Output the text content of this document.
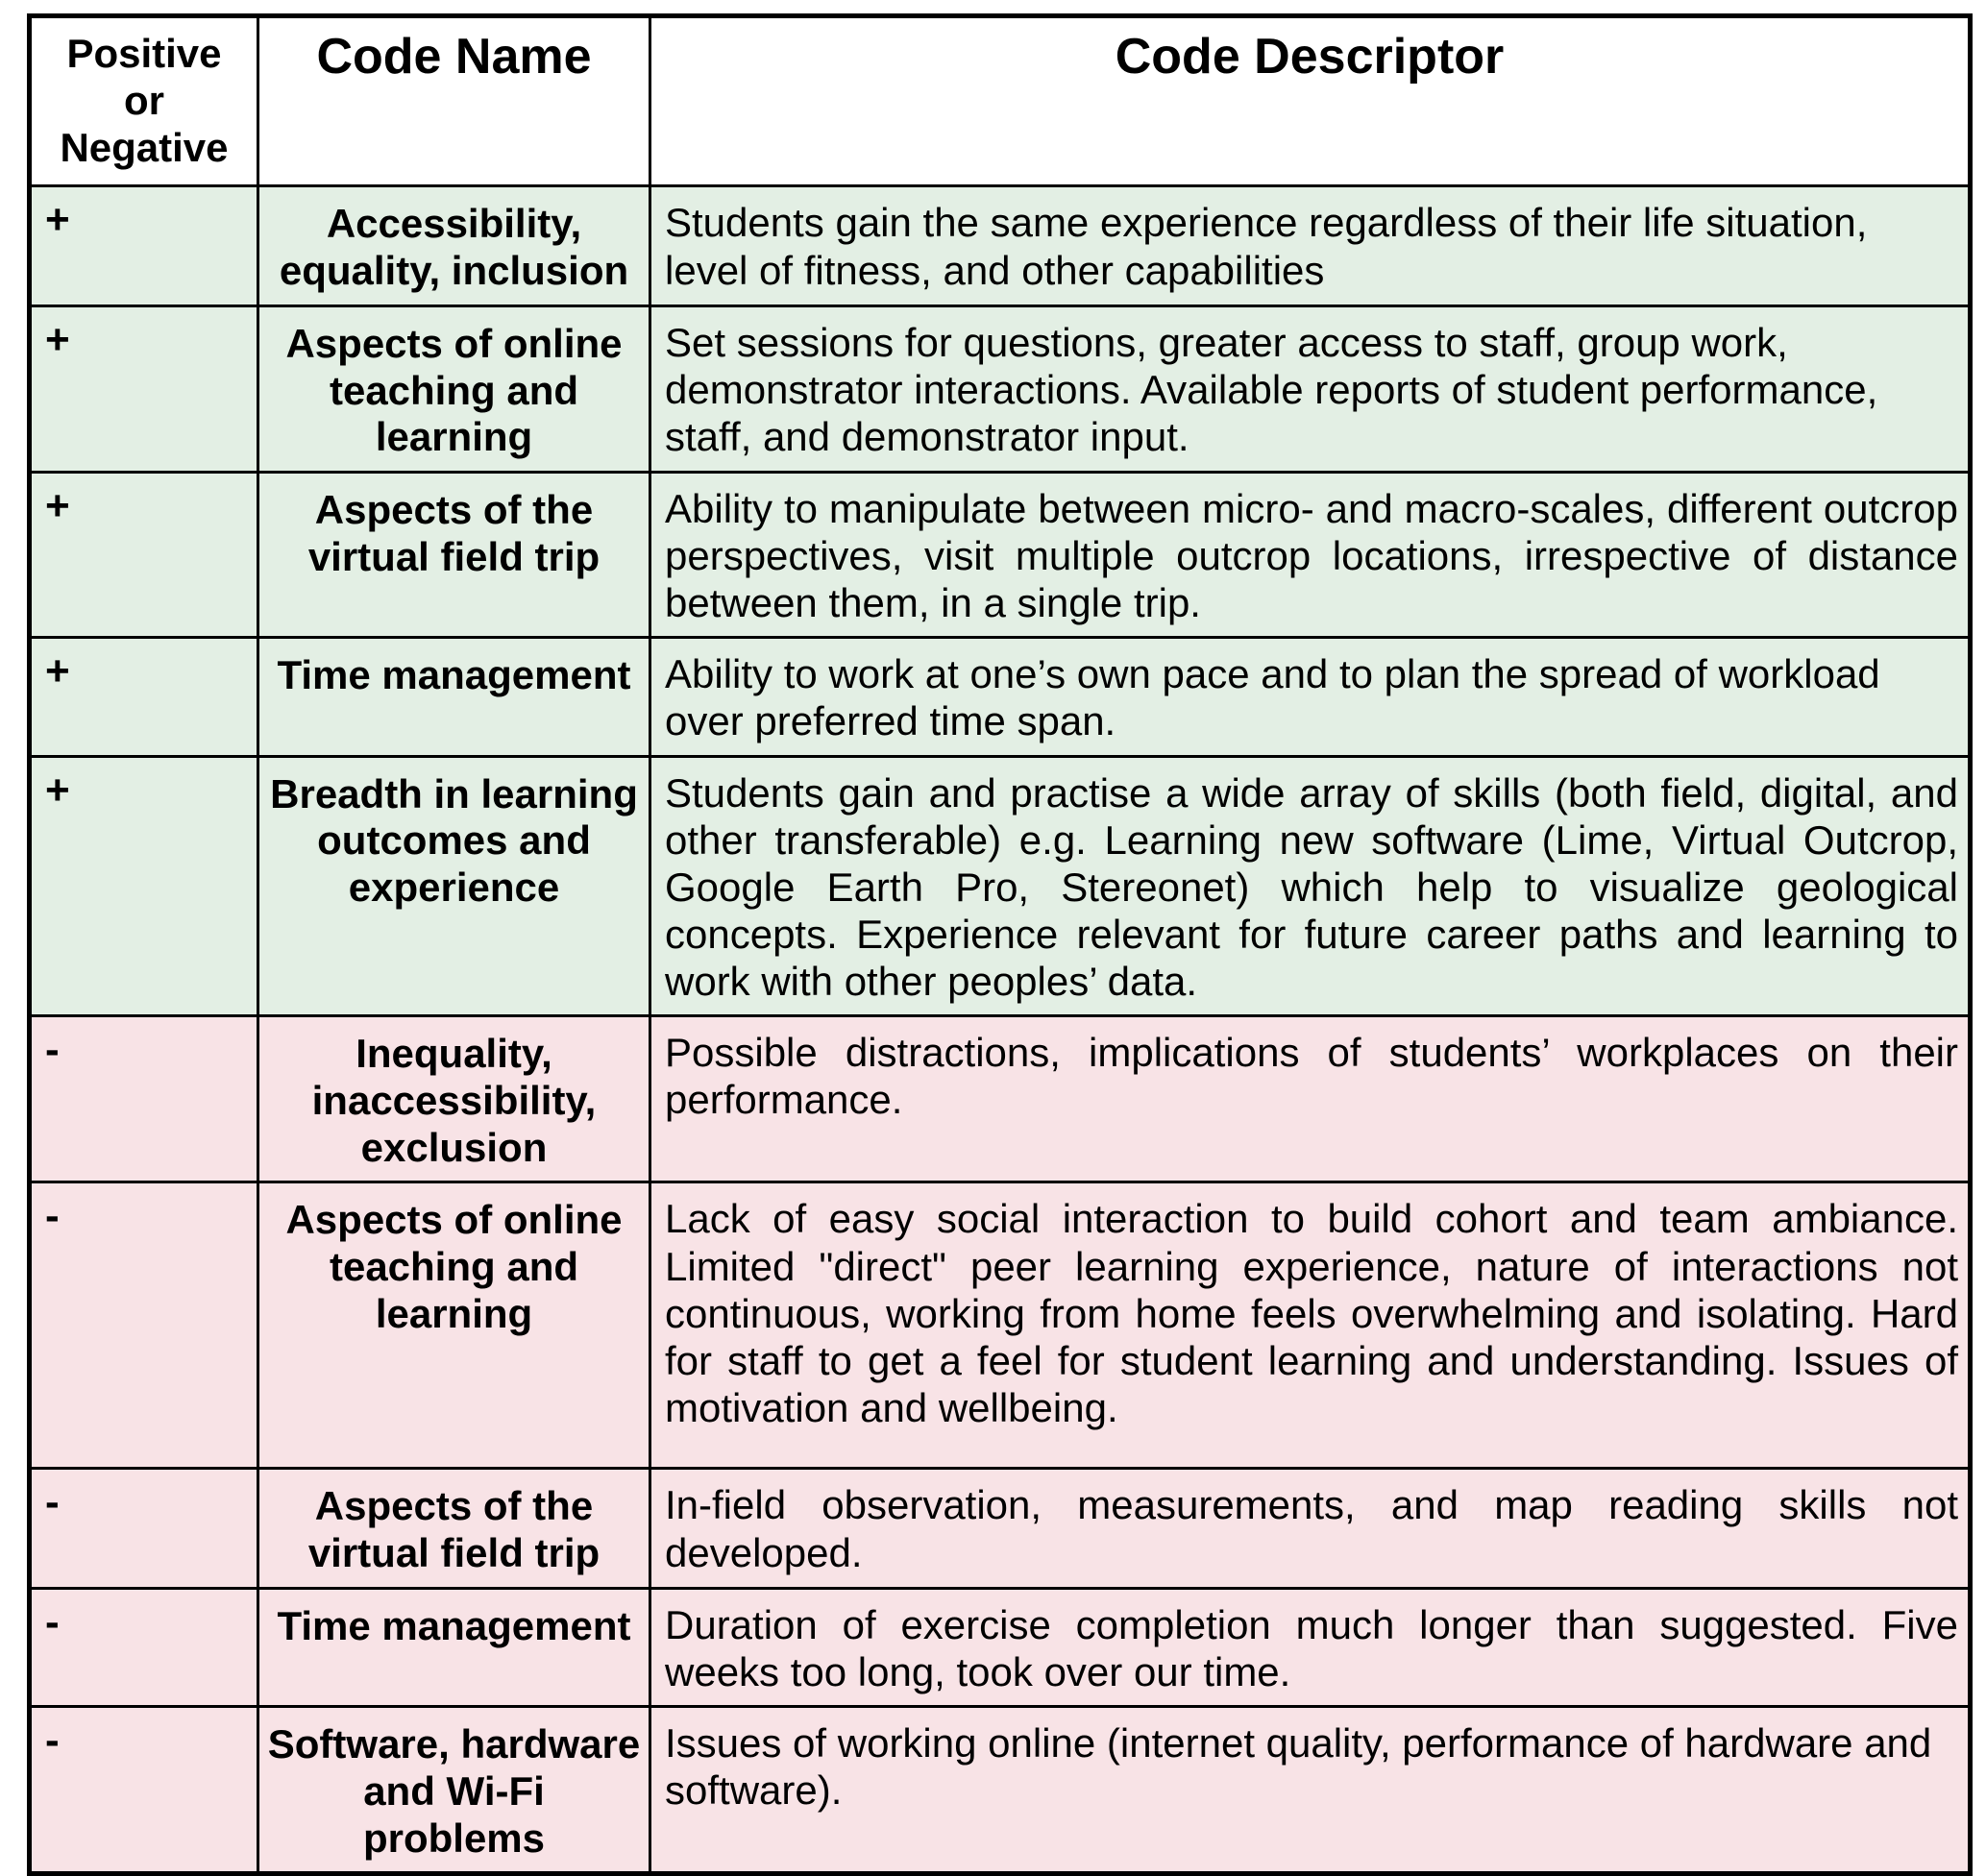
Positive
or
Negative	Code Name	Code Descriptor
+	Accessibility, equality, inclusion	Students gain the same experience regardless of their life situation, level of fitness, and other capabilities
+	Aspects of online teaching and learning	Set sessions for questions, greater access to staff, group work, demonstrator interactions. Available reports of student performance, staff, and demonstrator input.
+	Aspects of the virtual field trip	Ability to manipulate between micro- and macro-scales, different outcrop perspectives, visit multiple outcrop locations, irrespective of distance between them, in a single trip.
+	Time management	Ability to work at one’s own pace and to plan the spread of workload over preferred time span.
+	Breadth in learning outcomes and experience	Students gain and practise a wide array of skills (both field, digital, and other transferable) e.g. Learning new software (Lime, Virtual Outcrop, Google Earth Pro, Stereonet) which help to visualize geological concepts. Experience relevant for future career paths and learning to work with other peoples’ data.
-	Inequality, inaccessibility, exclusion	Possible distractions, implications of students’ workplaces on their performance.
-	Aspects of online teaching and learning	Lack of easy social interaction to build cohort and team ambiance. Limited "direct" peer learning experience, nature of interactions not continuous, working from home feels overwhelming and isolating. Hard for staff to get a feel for student learning and understanding. Issues of motivation and wellbeing.
-	Aspects of the virtual field trip	In-field observation, measurements, and map reading skills not developed.
-	Time management	Duration of exercise completion much longer than suggested. Five weeks too long, took over our time.
-	Software, hardware and Wi-Fi problems	Issues of working online (internet quality, performance of hardware and software).
